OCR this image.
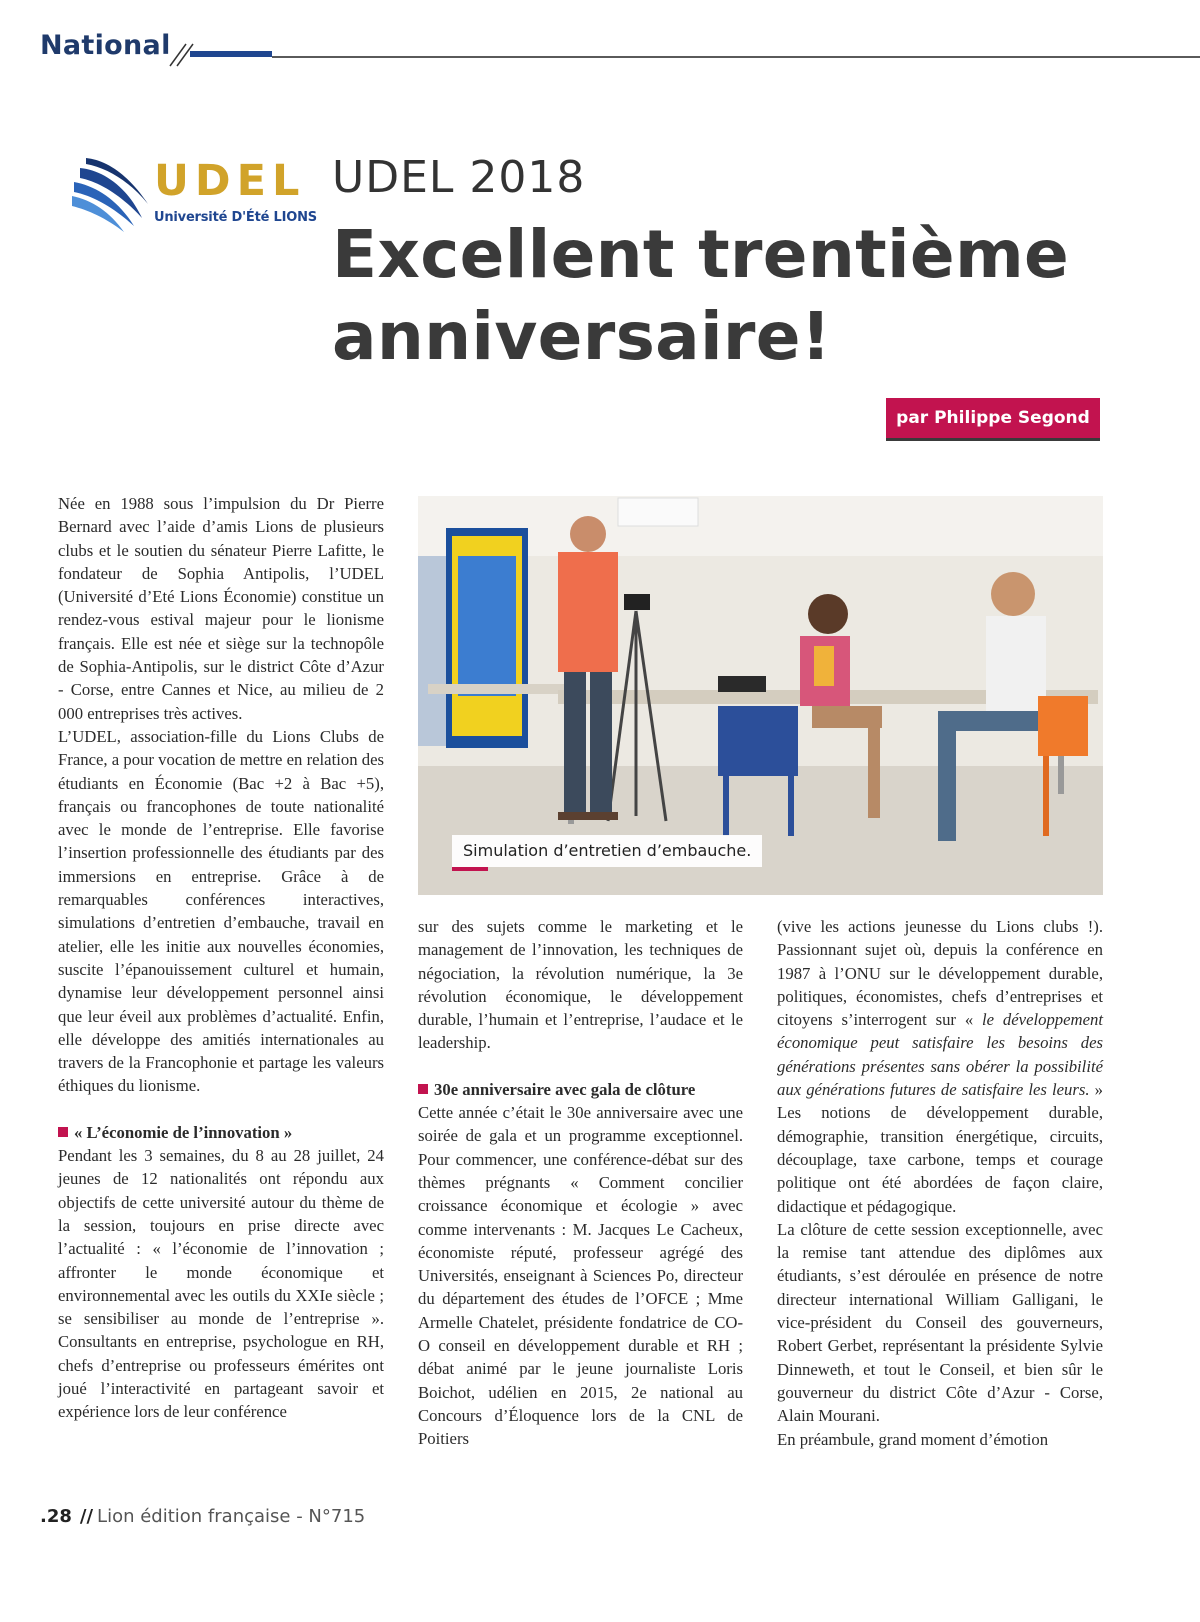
National
UDEL
Université D'Été LIONS
UDEL 2018
Excellent trentième anniversaire!
par Philippe Segond

Née en 1988 sous l’impulsion du Dr Pierre Bernard avec l’aide d’amis Lions de plusieurs clubs et le soutien du sénateur Pierre Lafitte, le fondateur de Sophia Antipolis, l’UDEL (Université d’Eté Lions Économie) constitue un rendez-vous estival majeur pour le lionisme français. Elle est née et siège sur la technopôle de Sophia-Antipolis, sur le district Côte d’Azur - Corse, entre Cannes et Nice, au milieu de 2 000 entreprises très actives.

L’UDEL, association-fille du Lions Clubs de France, a pour vocation de mettre en relation des étudiants en Économie (Bac +2 à Bac +5), français ou francophones de toute nationalité avec le monde de l’entreprise. Elle favorise l’insertion professionnelle des étudiants par des immersions en entreprise. Grâce à de remarquables conférences interactives, simulations d’entretien d’embauche, travail en atelier, elle les initie aux nouvelles économies, suscite l’épanouissement culturel et humain, dynamise leur développement personnel ainsi que leur éveil aux problèmes d’actualité. Enfin, elle développe des amitiés internationales au travers de la Francophonie et partage les valeurs éthiques du lionisme.

« L’économie de l’innovation »

Pendant les 3 semaines, du 8 au 28 juillet, 24 jeunes de 12 nationalités ont répondu aux objectifs de cette université autour du thème de la session, toujours en prise directe avec l’actualité : « l’économie de l’innovation ; affronter le monde économique et environnemental avec les outils du XXIe siècle ; se sensibiliser au monde de l’entreprise ». Consultants en entreprise, psychologue en RH, chefs d’entreprise ou professeurs émérites ont joué l’interactivité en partageant savoir et expérience lors de leur conférence

Simulation d’entretien d’embauche.

sur des sujets comme le marketing et le management de l’innovation, les techniques de négociation, la révolution numérique, la 3e révolution économique, le développement durable, l’humain et l’entreprise, l’audace et le leadership.

30e anniversaire avec gala de clôture

Cette année c’était le 30e anniversaire avec une soirée de gala et un programme exceptionnel. Pour commencer, une conférence-débat sur des thèmes prégnants « Comment concilier croissance économique et écologie » avec comme intervenants : M. Jacques Le Cacheux, économiste réputé, professeur agrégé des Universités, enseignant à Sciences Po, directeur du département des études de l’OFCE ; Mme Armelle Chatelet, présidente fondatrice de CO-O conseil en développement durable et RH ; débat animé par le jeune journaliste Loris Boichot, udélien en 2015, 2e national au Concours d’Éloquence lors de la CNL de Poitiers

(vive les actions jeunesse du Lions clubs !). Passionnant sujet où, depuis la conférence en 1987 à l’ONU sur le développement durable, politiques, économistes, chefs d’entreprises et citoyens s’interrogent sur « le développement économique peut satisfaire les besoins des générations présentes sans obérer la possibilité aux générations futures de satisfaire les leurs. » Les notions de développement durable, démographie, transition énergétique, circuits, découplage, taxe carbone, temps et courage politique ont été abordées de façon claire, didactique et pédagogique.

La clôture de cette session exceptionnelle, avec la remise tant attendue des diplômes aux étudiants, s’est déroulée en présence de notre directeur international William Galligani, le vice-président du Conseil des gouverneurs, Robert Gerbet, représentant la présidente Sylvie Dinneweth, et tout le Conseil, et bien sûr le gouverneur du district Côte d’Azur - Corse, Alain Mourani.

En préambule, grand moment d’émotion

.28 // Lion édition française - N°715
